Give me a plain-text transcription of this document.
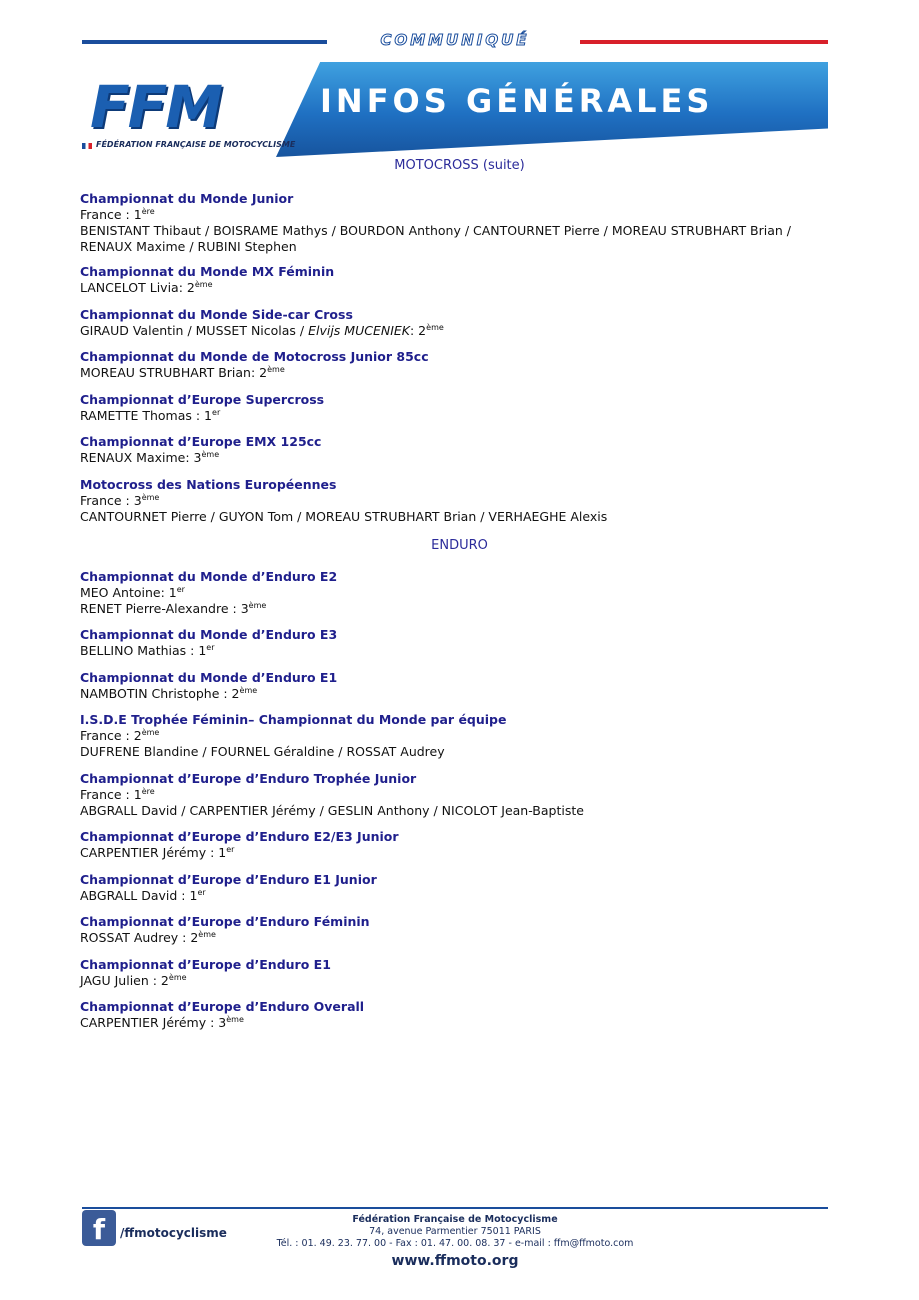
COMMUNIQUÉ
INFOS GÉNÉRALES
FFM
FÉDÉRATION FRANÇAISE DE MOTOCYCLISME
MOTOCROSS (suite)
Championnat du Monde Junior
France : 1ère
BENISTANT Thibaut / BOISRAME Mathys / BOURDON Anthony / CANTOURNET Pierre / MOREAU STRUBHART Brian /
RENAUX Maxime / RUBINI Stephen
Championnat du Monde MX Féminin
LANCELOT Livia: 2ème
Championnat du Monde Side-car Cross
GIRAUD Valentin / MUSSET Nicolas / Elvijs MUCENIEK: 2ème
Championnat du Monde de Motocross Junior 85cc
MOREAU STRUBHART Brian: 2ème
Championnat d’Europe Supercross
RAMETTE Thomas : 1er
Championnat d’Europe EMX 125cc
RENAUX Maxime: 3ème
Motocross des Nations Européennes
France : 3ème
CANTOURNET Pierre / GUYON Tom / MOREAU STRUBHART Brian / VERHAEGHE Alexis
ENDURO
Championnat du Monde d’Enduro E2
MEO Antoine: 1er
RENET Pierre-Alexandre : 3ème
Championnat du Monde d’Enduro E3
BELLINO Mathias : 1er
Championnat du Monde d’Enduro E1
NAMBOTIN Christophe : 2ème
I.S.D.E Trophée Féminin– Championnat du Monde par équipe
France : 2ème
DUFRENE Blandine / FOURNEL Géraldine / ROSSAT Audrey
Championnat d’Europe d’Enduro Trophée Junior
France : 1ère
ABGRALL David / CARPENTIER Jérémy / GESLIN Anthony / NICOLOT Jean-Baptiste
Championnat d’Europe d’Enduro E2/E3 Junior
CARPENTIER Jérémy : 1er
Championnat d’Europe d’Enduro E1 Junior
ABGRALL David : 1er
Championnat d’Europe d’Enduro Féminin
ROSSAT Audrey : 2ème
Championnat d’Europe d’Enduro E1
JAGU Julien : 2ème
Championnat d’Europe d’Enduro Overall
CARPENTIER Jérémy : 3ème
f	/ffmotocyclisme
Fédération Française de Motocyclisme
74, avenue Parmentier 75011 PARIS
Tél. : 01. 49. 23. 77. 00 - Fax : 01. 47. 00. 08. 37 - e-mail : ffm@ffmoto.com
www.ffmoto.org
